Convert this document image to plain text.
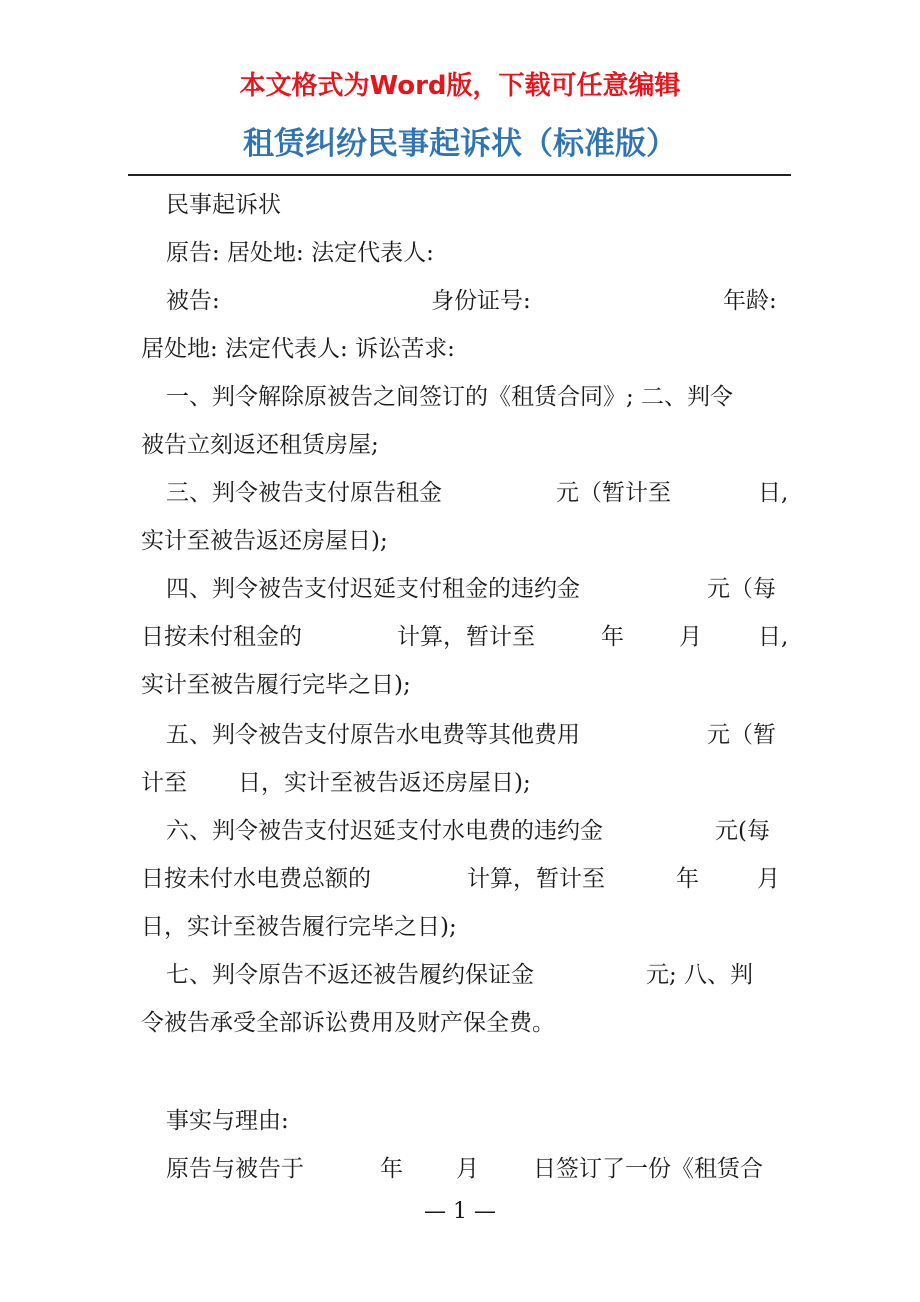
本文格式为Word版，下载可任意编辑
租赁纠纷民事起诉状（标准版）
民事起诉状
原告: 居处地: 法定代表人:
被告:	身份证号:	年龄:
居处地: 法定代表人: 诉讼苦求:
一、判令解除原被告之间签订的《租赁合同》; 二、判令
被告立刻返还租赁房屋;
三、判令被告支付原告租金	元（暂计至	日,
实计至被告返还房屋日);
四、判令被告支付迟延支付租金的违约金	元（每
日按未付租金的	计算，暂计至	年 月 日,
实计至被告履行完毕之日);
五、判令被告支付原告水电费等其他费用	元（暂
计至 日，实计至被告返还房屋日);
六、判令被告支付迟延支付水电费的违约金	元(每
日按未付水电费总额的	计算，暂计至	年	月
日，实计至被告履行完毕之日);
七、判令原告不返还被告履约保证金	元; 八、判
令被告承受全部诉讼费用及财产保全费。
事实与理由:
原告与被告于	年 月 日签订了一份《租赁合
— 1 —
